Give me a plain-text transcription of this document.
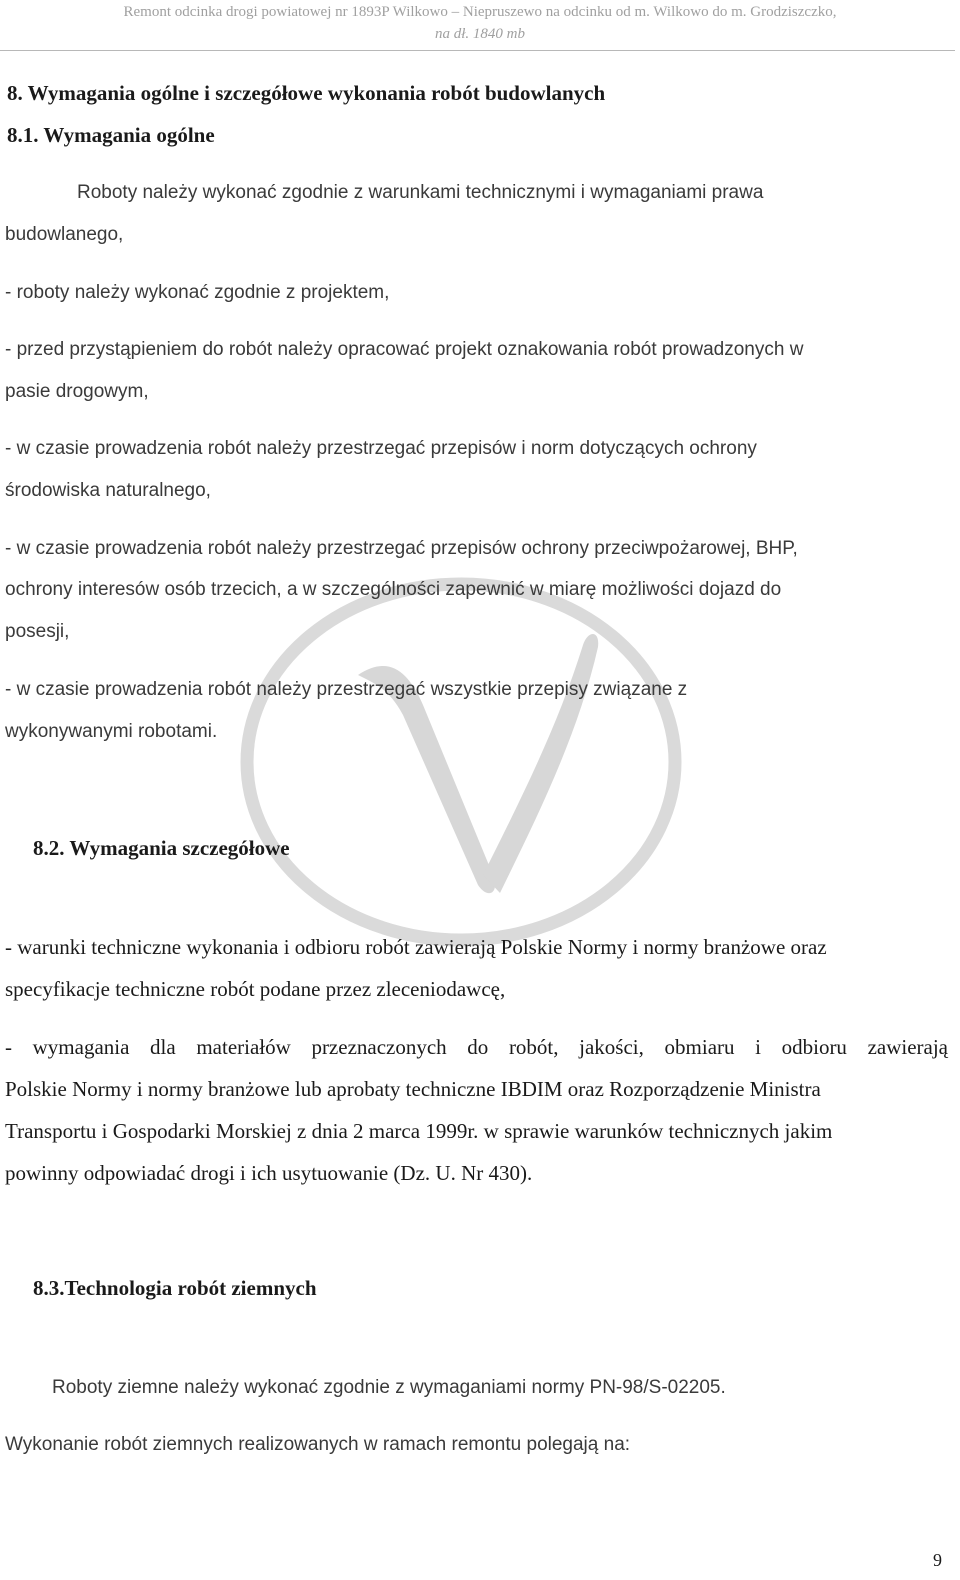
Remont odcinka drogi powiatowej nr 1893P Wilkowo – Niepruszewo na odcinku od m. Wilkowo do m. Grodziszczko,
na dł. 1840 mb
8. Wymagania ogólne i szczegółowe wykonania robót budowlanych
8.1. Wymagania ogólne
Roboty należy wykonać zgodnie z warunkami technicznymi i wymaganiami prawa
budowlanego,
- roboty należy wykonać zgodnie z projektem,
- przed przystąpieniem do robót należy opracować projekt oznakowania robót prowadzonych w
pasie drogowym,
- w czasie prowadzenia robót należy przestrzegać przepisów i norm dotyczących ochrony
środowiska naturalnego,
- w czasie prowadzenia robót należy przestrzegać przepisów ochrony przeciwpożarowej, BHP,
ochrony interesów osób trzecich, a w szczególności zapewnić w miarę możliwości dojazd do
posesji,
- w czasie prowadzenia robót należy przestrzegać wszystkie przepisy związane z
wykonywanymi robotami.
8.2. Wymagania szczegółowe
- warunki techniczne wykonania i odbioru robót zawierają Polskie Normy i normy branżowe oraz
specyfikacje techniczne robót podane przez zleceniodawcę,
- wymagania dla materiałów przeznaczonych do robót, jakości, obmiaru i odbioru zawierają
Polskie Normy i normy branżowe lub aprobaty techniczne IBDIM oraz Rozporządzenie Ministra
Transportu i Gospodarki Morskiej z dnia 2 marca 1999r. w sprawie warunków technicznych jakim
powinny odpowiadać drogi i ich usytuowanie (Dz. U. Nr 430).
8.3.Technologia robót ziemnych
Roboty ziemne należy wykonać zgodnie z wymaganiami normy PN-98/S-02205.
Wykonanie robót ziemnych realizowanych w ramach remontu polegają na:
9
